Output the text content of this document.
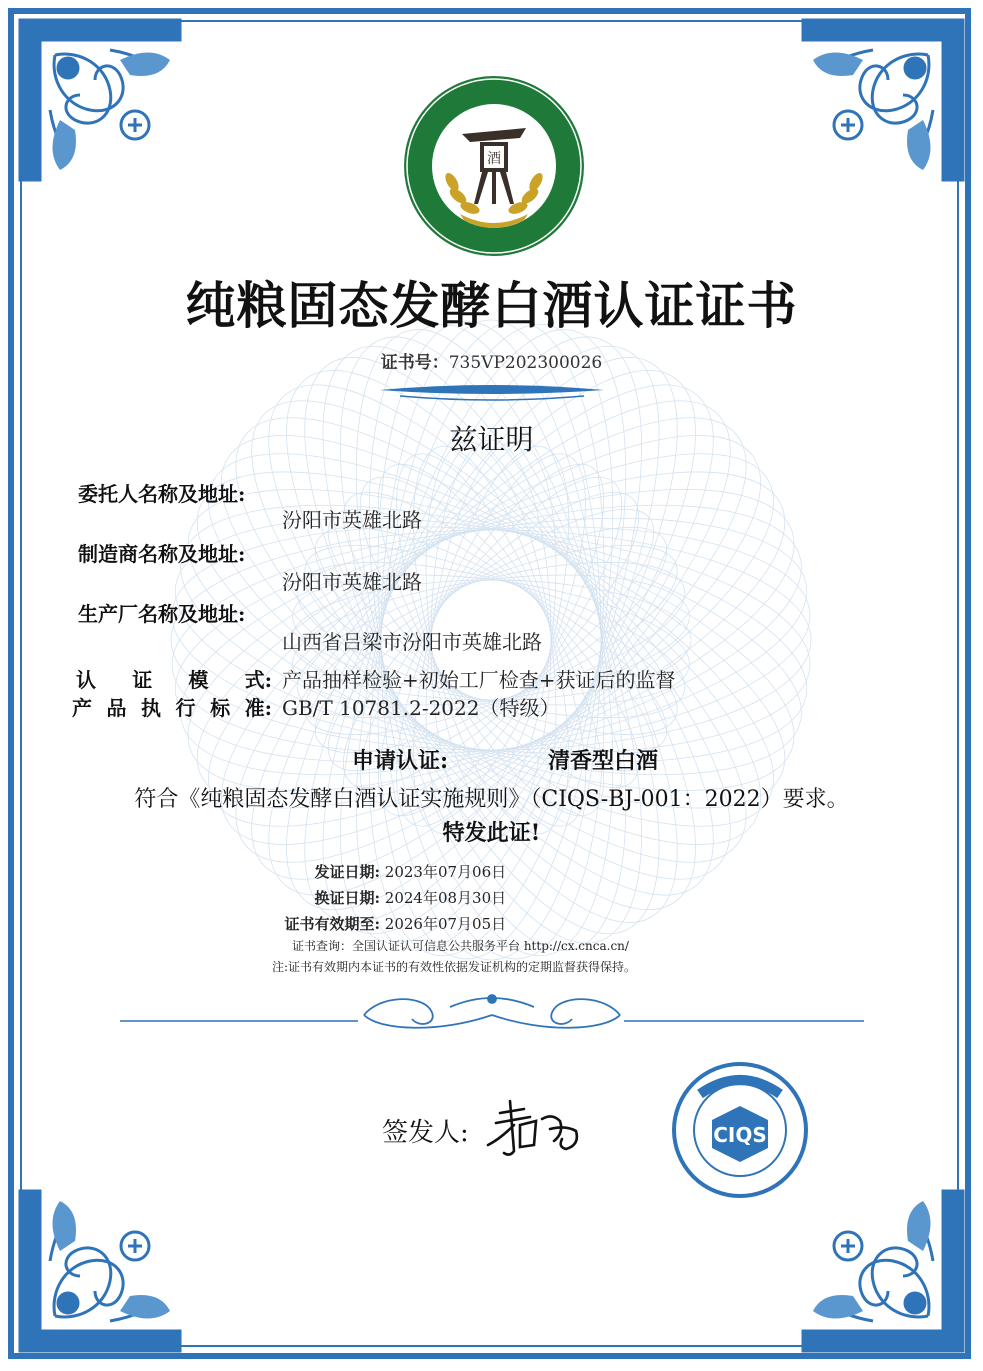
酒
纯粮固态发酵白酒认证证书
证书号：735VP202300026
兹证明
委托人名称及地址:
汾阳市英雄北路
制造商名称及地址:
汾阳市英雄北路
生产厂名称及地址:
山西省吕梁市汾阳市英雄北路
认 证 模 式: 产品抽样检验+初始工厂检查+获证后的监督
产 品 执 行 标 准: GB/T 10781.2-2022（特级）
申请认证:	清香型白酒
符合《纯粮固态发酵白酒认证实施规则》（CIQS-BJ-001：2022）要求。
特发此证!
发证日期: 2023年07月06日
换证日期: 2024年08月30日
证书有效期至: 2026年07月05日
证书查询：全国认证认可信息公共服务平台 http://cx.cnca.cn/
注:证书有效期内本证书的有效性依据发证机构的定期监督获得保持。
签发人:	CIQS
